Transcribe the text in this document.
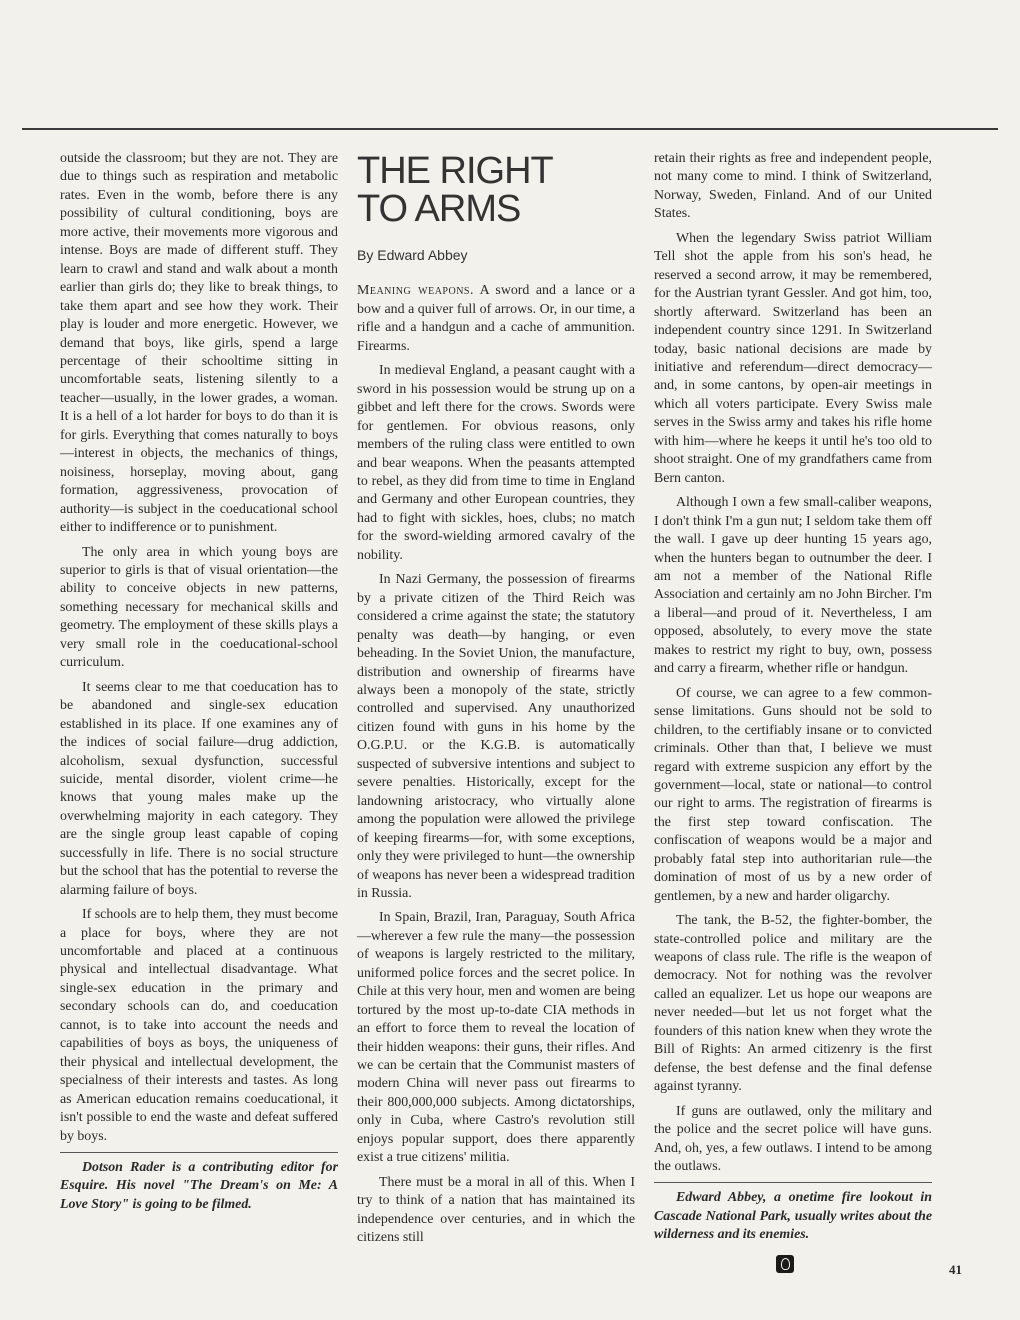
outside the classroom; but they are not. They are due to things such as respiration and metabolic rates. Even in the womb, before there is any possibility of cultural conditioning, boys are more active, their movements more vigorous and intense. Boys are made of different stuff. They learn to crawl and stand and walk about a month earlier than girls do; they like to break things, to take them apart and see how they work. Their play is louder and more energetic. However, we demand that boys, like girls, spend a large percentage of their schooltime sitting in uncomfortable seats, listening silently to a teacher—usually, in the lower grades, a woman. It is a hell of a lot harder for boys to do than it is for girls. Everything that comes naturally to boys—interest in objects, the mechanics of things, noisiness, horseplay, moving about, gang formation, aggressiveness, provocation of authority—is subject in the coeducational school either to indifference or to punishment.

The only area in which young boys are superior to girls is that of visual orientation—the ability to conceive objects in new patterns, something necessary for mechanical skills and geometry. The employment of these skills plays a very small role in the coeducational-school curriculum.

It seems clear to me that coeducation has to be abandoned and single-sex education established in its place. If one examines any of the indices of social failure—drug addiction, alcoholism, sexual dysfunction, successful suicide, mental disorder, violent crime—he knows that young males make up the overwhelming majority in each category. They are the single group least capable of coping successfully in life. There is no social structure but the school that has the potential to reverse the alarming failure of boys.

If schools are to help them, they must become a place for boys, where they are not uncomfortable and placed at a continuous physical and intellectual disadvantage. What single-sex education in the primary and secondary schools can do, and coeducation cannot, is to take into account the needs and capabilities of boys as boys, the uniqueness of their physical and intellectual development, the specialness of their interests and tastes. As long as American education remains coeducational, it isn't possible to end the waste and defeat suffered by boys.

Dotson Rader is a contributing editor for Esquire. His novel "The Dream's on Me: A Love Story" is going to be filmed.

THE RIGHT
TO ARMS
By Edward Abbey

Meaning weapons. A sword and a lance or a bow and a quiver full of arrows. Or, in our time, a rifle and a handgun and a cache of ammunition. Firearms.

In medieval England, a peasant caught with a sword in his possession would be strung up on a gibbet and left there for the crows. Swords were for gentlemen. For obvious reasons, only members of the ruling class were entitled to own and bear weapons. When the peasants attempted to rebel, as they did from time to time in England and Germany and other European countries, they had to fight with sickles, hoes, clubs; no match for the sword-wielding armored cavalry of the nobility.

In Nazi Germany, the possession of firearms by a private citizen of the Third Reich was considered a crime against the state; the statutory penalty was death—by hanging, or even beheading. In the Soviet Union, the manufacture, distribution and ownership of firearms have always been a monopoly of the state, strictly controlled and supervised. Any unauthorized citizen found with guns in his home by the O.G.P.U. or the K.G.B. is automatically suspected of subversive intentions and subject to severe penalties. Historically, except for the landowning aristocracy, who virtually alone among the population were allowed the privilege of keeping firearms—for, with some exceptions, only they were privileged to hunt—the ownership of weapons has never been a widespread tradition in Russia.

In Spain, Brazil, Iran, Paraguay, South Africa—wherever a few rule the many—the possession of weapons is largely restricted to the military, uniformed police forces and the secret police. In Chile at this very hour, men and women are being tortured by the most up-to-date CIA methods in an effort to force them to reveal the location of their hidden weapons: their guns, their rifles. And we can be certain that the Communist masters of modern China will never pass out firearms to their 800,000,000 subjects. Among dictatorships, only in Cuba, where Castro's revolution still enjoys popular support, does there apparently exist a true citizens' militia.

There must be a moral in all of this. When I try to think of a nation that has maintained its independence over centuries, and in which the citizens still

retain their rights as free and independent people, not many come to mind. I think of Switzerland, Norway, Sweden, Finland. And of our United States.

When the legendary Swiss patriot William Tell shot the apple from his son's head, he reserved a second arrow, it may be remembered, for the Austrian tyrant Gessler. And got him, too, shortly afterward. Switzerland has been an independent country since 1291. In Switzerland today, basic national decisions are made by initiative and referendum—direct democracy—and, in some cantons, by open-air meetings in which all voters participate. Every Swiss male serves in the Swiss army and takes his rifle home with him—where he keeps it until he's too old to shoot straight. One of my grandfathers came from Bern canton.

Although I own a few small-caliber weapons, I don't think I'm a gun nut; I seldom take them off the wall. I gave up deer hunting 15 years ago, when the hunters began to outnumber the deer. I am not a member of the National Rifle Association and certainly am no John Bircher. I'm a liberal—and proud of it. Nevertheless, I am opposed, absolutely, to every move the state makes to restrict my right to buy, own, possess and carry a firearm, whether rifle or handgun.

Of course, we can agree to a few common-sense limitations. Guns should not be sold to children, to the certifiably insane or to convicted criminals. Other than that, I believe we must regard with extreme suspicion any effort by the government—local, state or national—to control our right to arms. The registration of firearms is the first step toward confiscation. The confiscation of weapons would be a major and probably fatal step into authoritarian rule—the domination of most of us by a new order of gentlemen, by a new and harder oligarchy.

The tank, the B-52, the fighter-bomber, the state-controlled police and military are the weapons of class rule. The rifle is the weapon of democracy. Not for nothing was the revolver called an equalizer. Let us hope our weapons are never needed—but let us not forget what the founders of this nation knew when they wrote the Bill of Rights: An armed citizenry is the first defense, the best defense and the final defense against tyranny.

If guns are outlawed, only the military and the police and the secret police will have guns. And, oh, yes, a few outlaws. I intend to be among the outlaws.

Edward Abbey, a onetime fire lookout in Cascade National Park, usually writes about the wilderness and its enemies.

41
